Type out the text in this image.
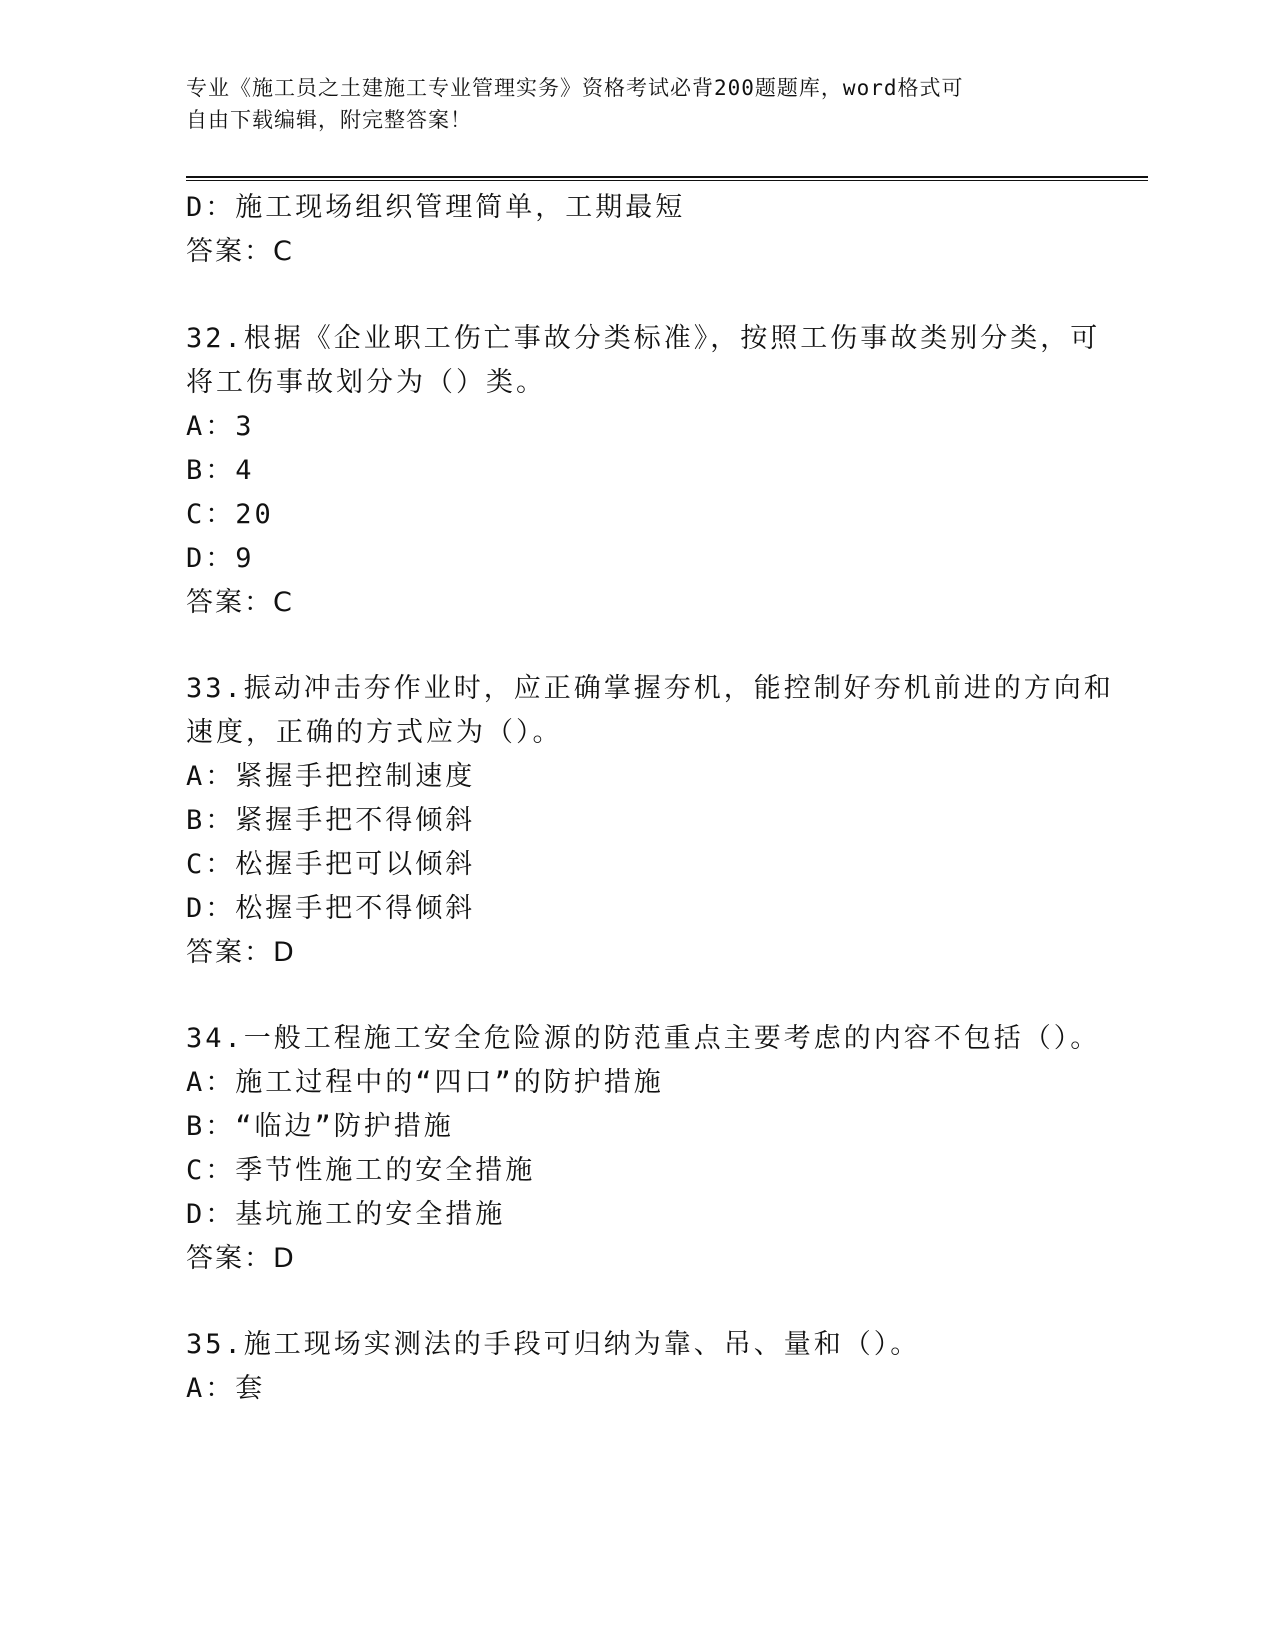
专业《施工员之土建施工专业管理实务》资格考试必背200题题库，word格式可
自由下载编辑，附完整答案！
D：施工现场组织管理简单，工期最短
答案：C
32.根据《企业职工伤亡事故分类标准》，按照工伤事故类别分类，可
将工伤事故划分为（）类。
A：3
B：4
C：20
D：9
答案：C
33.振动冲击夯作业时，应正确掌握夯机，能控制好夯机前进的方向和
速度，正确的方式应为（）。
A：紧握手把控制速度
B：紧握手把不得倾斜
C：松握手把可以倾斜
D：松握手把不得倾斜
答案：D
34.一般工程施工安全危险源的防范重点主要考虑的内容不包括（）。
A：施工过程中的“四口”的防护措施
B：“临边”防护措施
C：季节性施工的安全措施
D：基坑施工的安全措施
答案：D
35.施工现场实测法的手段可归纳为靠、吊、量和（）。
A：套
